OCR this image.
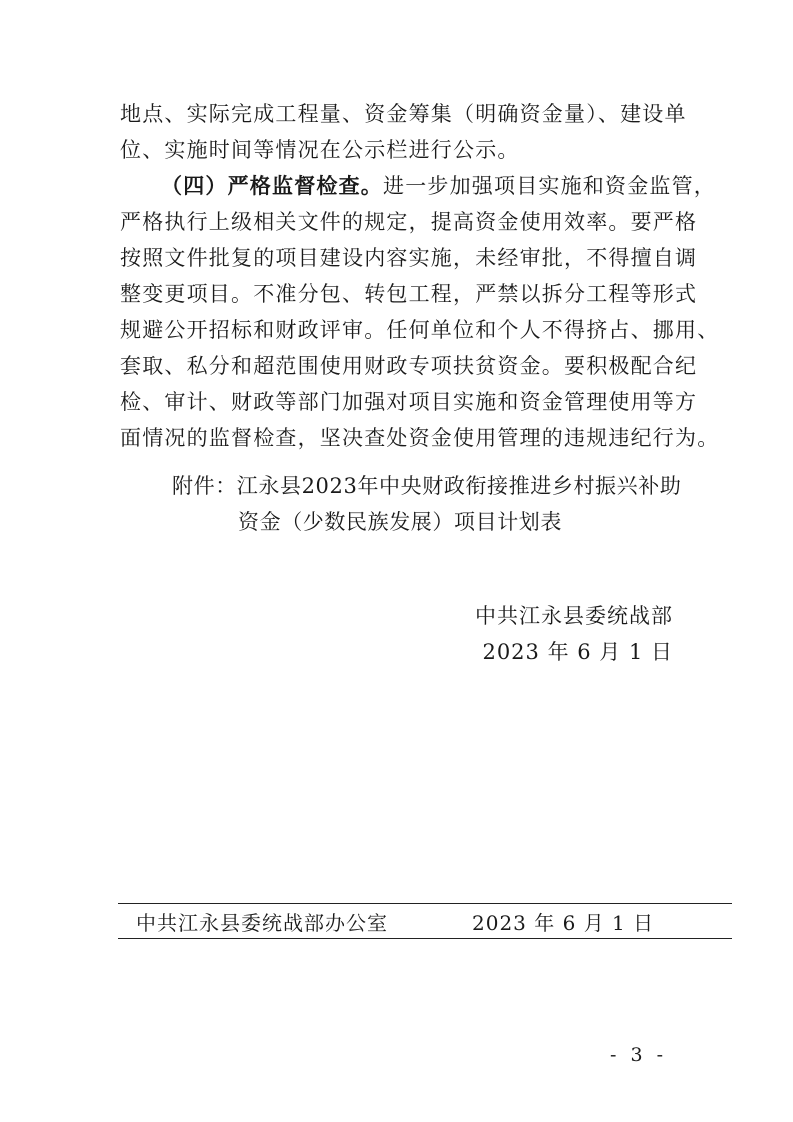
地点、实际完成工程量、资金筹集（明确资金量）、建设单
位、实施时间等情况在公示栏进行公示。
（四）严格监督检查。进一步加强项目实施和资金监管，
严格执行上级相关文件的规定，提高资金使用效率。要严格
按照文件批复的项目建设内容实施，未经审批，不得擅自调
整变更项目。不准分包、转包工程，严禁以拆分工程等形式
规避公开招标和财政评审。任何单位和个人不得挤占、挪用、
套取、私分和超范围使用财政专项扶贫资金。要积极配合纪
检、审计、财政等部门加强对项目实施和资金管理使用等方
面情况的监督检查，坚决查处资金使用管理的违规违纪行为。
附件：江永县2023年中央财政衔接推进乡村振兴补助
资金（少数民族发展）项目计划表
中共江永县委统战部
2023 年 6 月 1 日
中共江永县委统战部办公室	2023 年 6 月 1 日
- 3 -
